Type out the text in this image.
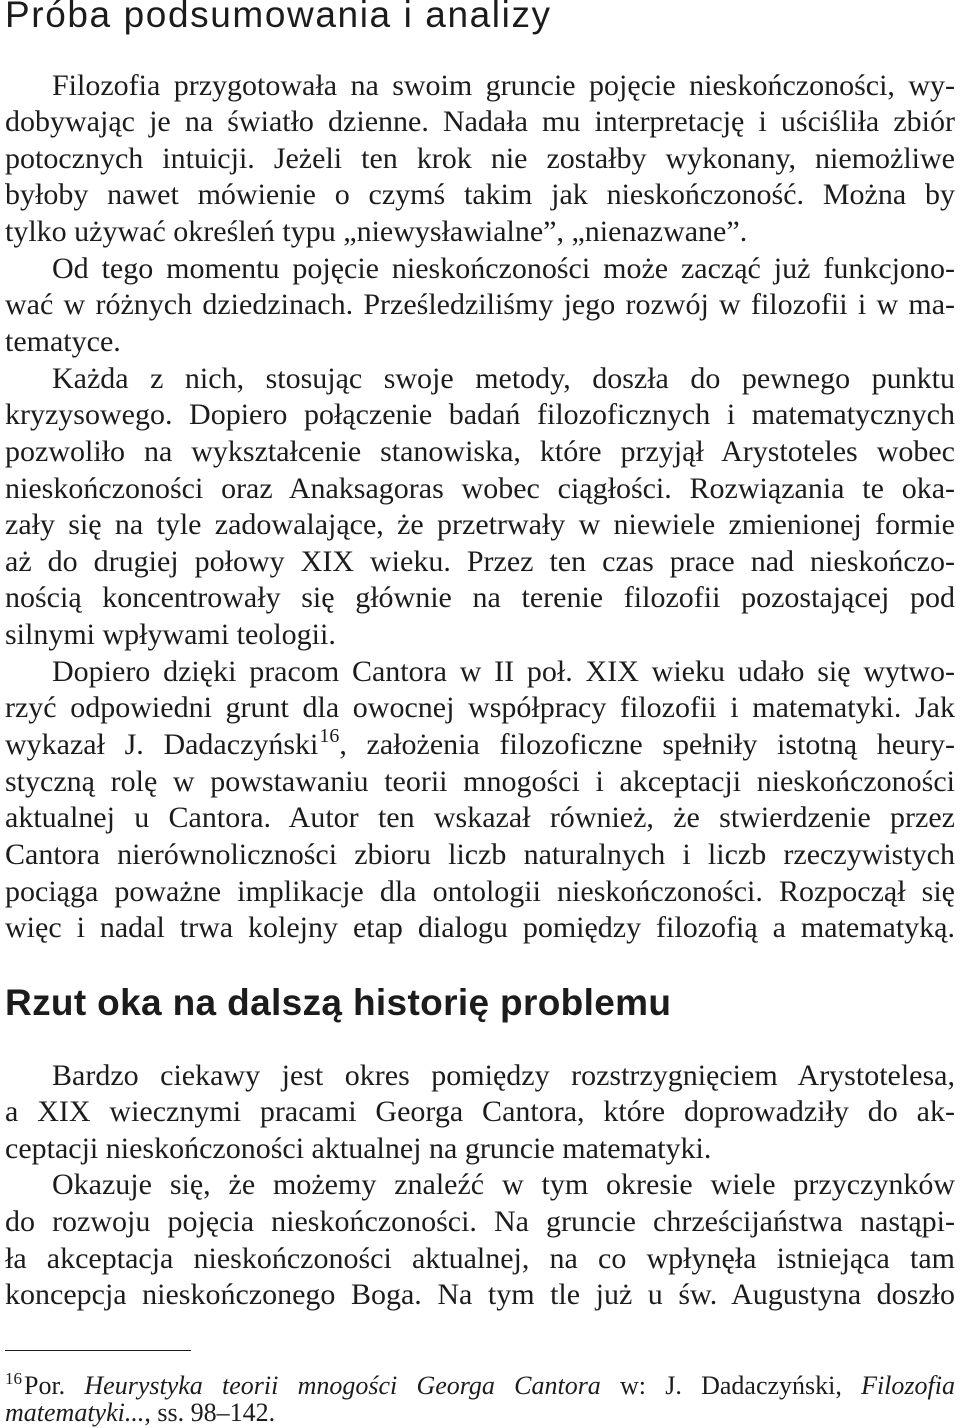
Próba podsumowania i analizy
Filozofia przygotowała na swoim gruncie pojęcie nieskończoności, wy-
dobywając je na światło dzienne. Nadała mu interpretację i uściśliła zbiór
potocznych intuicji. Jeżeli ten krok nie zostałby wykonany, niemożliwe
byłoby nawet mówienie o czymś takim jak nieskończoność. Można by
tylko używać określeń typu „niewysławialne”, „nienazwane”.
Od tego momentu pojęcie nieskończoności może zacząć już funkcjono-
wać w różnych dziedzinach. Prześledziliśmy jego rozwój w filozofii i w ma-
tematyce.
Każda z nich, stosując swoje metody, doszła do pewnego punktu
kryzysowego. Dopiero połączenie badań filozoficznych i matematycznych
pozwoliło na wykształcenie stanowiska, które przyjął Arystoteles wobec
nieskończoności oraz Anaksagoras wobec ciągłości. Rozwiązania te oka-
zały się na tyle zadowalające, że przetrwały w niewiele zmienionej formie
aż do drugiej połowy XIX wieku. Przez ten czas prace nad nieskończo-
nością koncentrowały się głównie na terenie filozofii pozostającej pod
silnymi wpływami teologii.
Dopiero dzięki pracom Cantora w II poł. XIX wieku udało się wytwo-
rzyć odpowiedni grunt dla owocnej współpracy filozofii i matematyki. Jak
wykazał J. Dadaczyński$^{16}$, założenia filozoficzne spełniły istotną heury-
styczną rolę w powstawaniu teorii mnogości i akceptacji nieskończoności
aktualnej u Cantora. Autor ten wskazał również, że stwierdzenie przez
Cantora nierównoliczności zbioru liczb naturalnych i liczb rzeczywistych
pociąga poważne implikacje dla ontologii nieskończoności. Rozpoczął się
więc i nadal trwa kolejny etap dialogu pomiędzy filozofią a matematyką.
Rzut oka na dalszą historię problemu
Bardzo ciekawy jest okres pomiędzy rozstrzygnięciem Arystotelesa,
a XIX wiecznymi pracami Georga Cantora, które doprowadziły do ak-
ceptacji nieskończoności aktualnej na gruncie matematyki.
Okazuje się, że możemy znaleźć w tym okresie wiele przyczynków
do rozwoju pojęcia nieskończoności. Na gruncie chrześcijaństwa nastąpi-
ła akceptacja nieskończoności aktualnej, na co wpłynęła istniejąca tam
koncepcja nieskończonego Boga. Na tym tle już u św. Augustyna doszło
$^{16}$Por. Heurystyka teorii mnogości Georga Cantora w: J. Dadaczyński, Filozofia
matematyki..., ss. 98–142.
